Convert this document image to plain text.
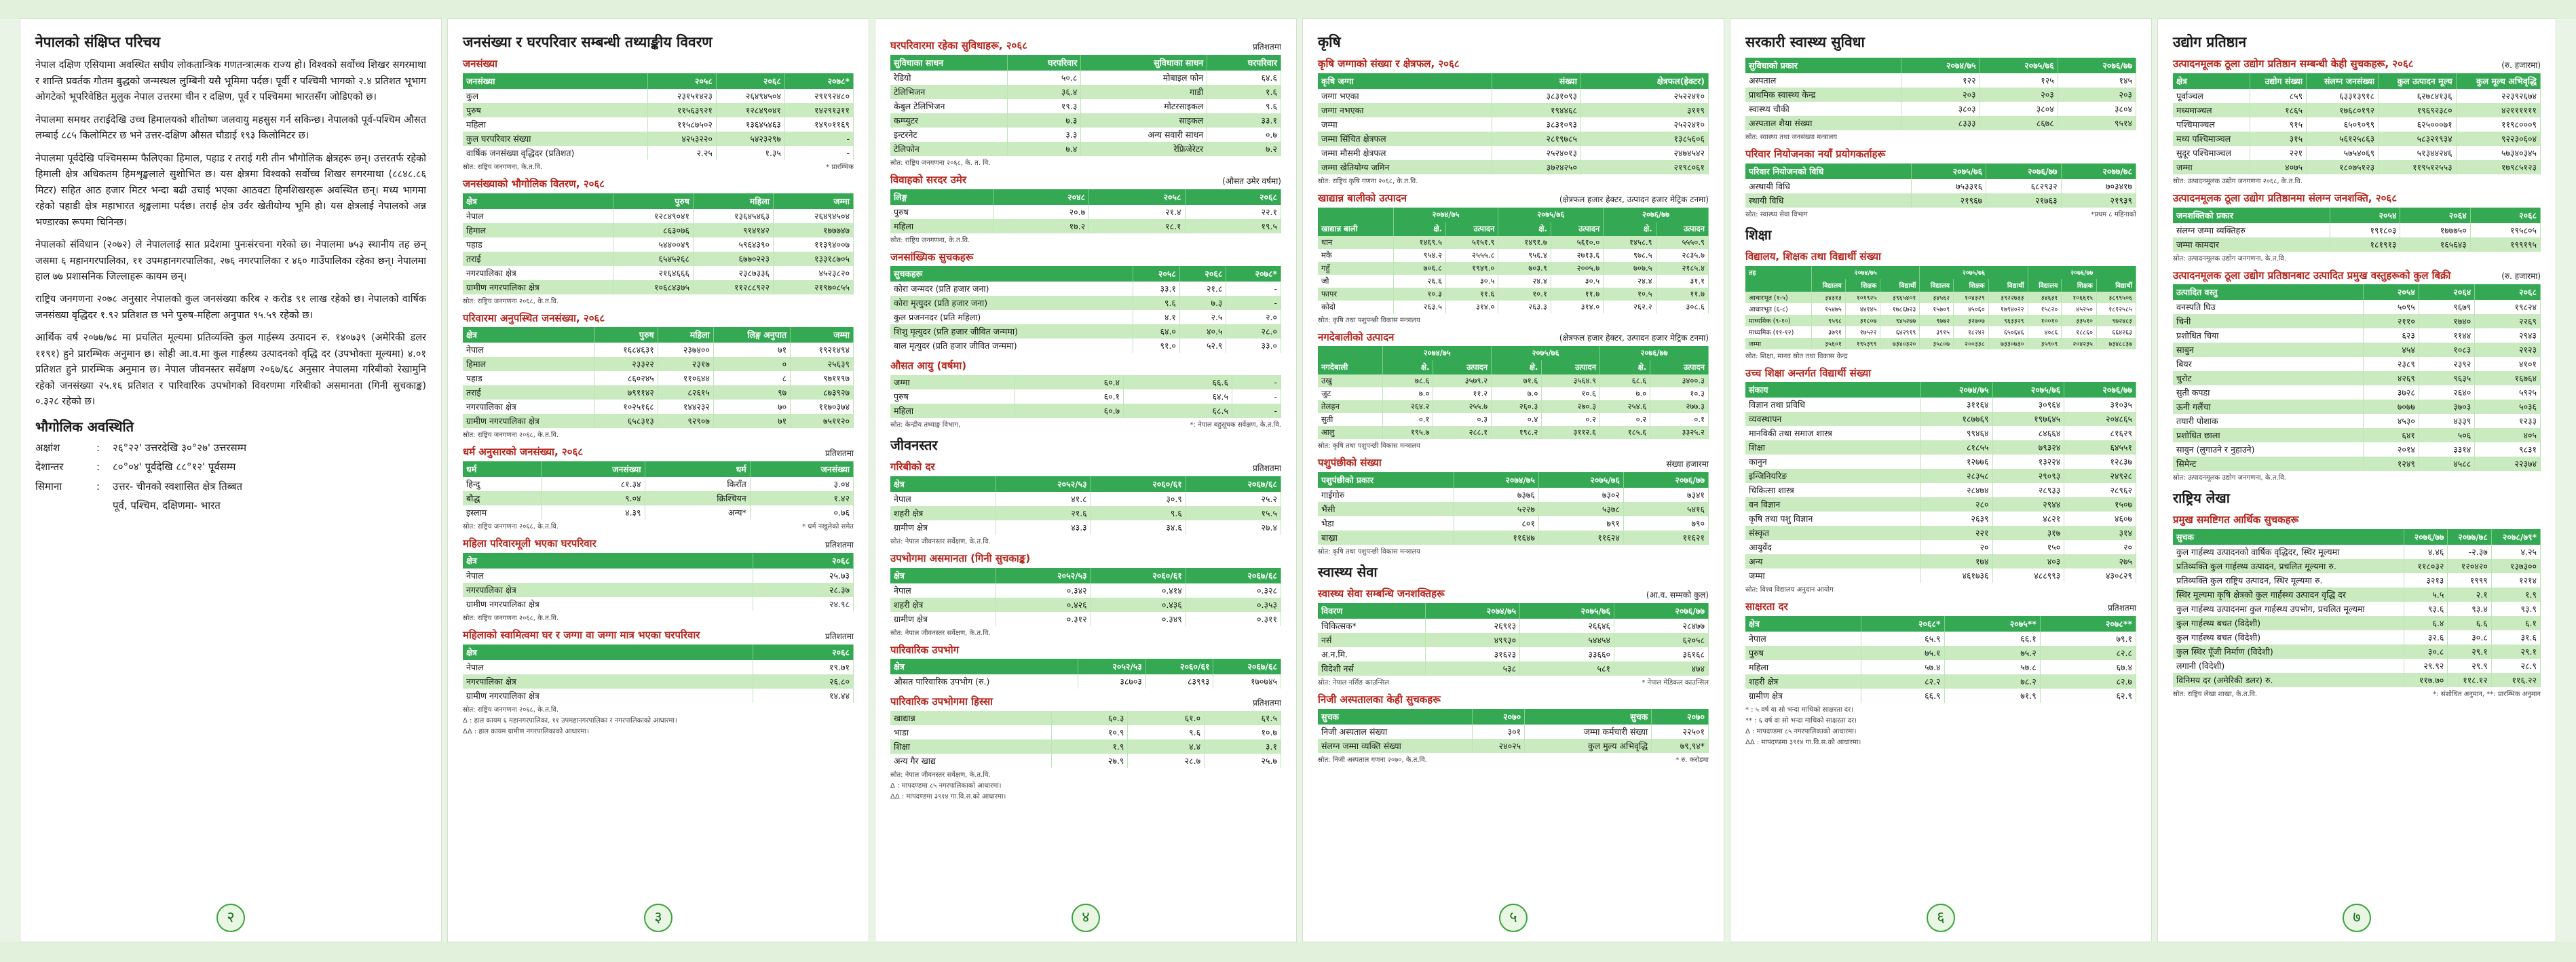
नेपालको संक्षिप्त परिचय

नेपाल दक्षिण एसियामा अवस्थित सघीय लोकतान्त्रिक गणतन्त्रात्मक राज्य हो। विश्वको सर्वोच्च शिखर सगरमाथा र शान्ति प्रवर्तक गौतम बुद्धको जन्मस्थल लुम्बिनी यसै भूमिमा पर्दछ। पूर्वी र पश्चिमी भागको २.४ प्रतिशत भूभाग ओगटेको भूपरिवेष्ठित मुलुक नेपाल उत्तरमा चीन र दक्षिण, पूर्व र पश्चिममा भारतसँग जोडिएको छ।

नेपालमा समथर तराईदेखि उच्च हिमालयको शीतोष्ण जलवायु महसुस गर्न सकिन्छ। नेपालको पूर्व-पश्चिम औसत लम्बाई ८८५ किलोमिटर छ भने उत्तर-दक्षिण औसत चौडाई १९३ किलोमिटर छ।

नेपालमा पूर्वदेखि पश्चिमसम्म फैलिएका हिमाल, पहाड र तराई गरी तीन भौगोलिक क्षेत्रहरू छन्। उत्तरतर्फ रहेको हिमाली क्षेत्र अधिकतम हिमशृङ्खलाले सुशोभित छ। यस क्षेत्रमा विश्वको सर्वोच्च शिखर सगरमाथा (८८४८.८६ मिटर) सहित आठ हजार मिटर भन्दा बढी उचाई भएका आठवटा हिमशिखरहरू अवस्थित छन्। मध्य भागमा रहेको पहाडी क्षेत्र महाभारत श्रृङ्खलामा पर्दछ। तराई क्षेत्र उर्वर खेतीयोग्य भूमि हो। यस क्षेत्रलाई नेपालको अन्न भण्डारका रूपमा चिनिन्छ।

नेपालको संविधान (२०७२) ले नेपाललाई सात प्रदेशमा पुनःसंरचना गरेको छ। नेपालमा ७५३ स्थानीय तह छन् जसमा ६ महानगरपालिका, ११ उपमहानगरपालिका, २७६ नगरपालिका र ४६० गाउँपालिका रहेका छन्। नेपालमा हाल ७७ प्रशासनिक जिल्लाहरू कायम छन्।

राष्ट्रिय जनगणना २०७८ अनुसार नेपालको कुल जनसंख्या करिब २ करोड ९१ लाख रहेको छ। नेपालको वार्षिक जनसंख्या वृद्धिदर १.९२ प्रतिशत छ भने पुरुष-महिला अनुपात ९५.५९ रहेको छ।

आर्थिक वर्ष २०७७/७८ मा प्रचलित मूल्यमा प्रतिव्यक्ति कुल गार्हस्थ्य उत्पादन रु. १४०७३९ (अमेरिकी डलर ११९१) हुने प्रारम्भिक अनुमान छ। सोही आ.व.मा कुल गार्हस्थ्य उत्पादनको वृद्धि दर (उपभोक्ता मूल्यमा) ४.०१ प्रतिशत हुने प्रारम्भिक अनुमान छ। नेपाल जीवनस्तर सर्वेक्षण २०६७/६८ अनुसार नेपालमा गरिबीको रेखामुनि रहेको जनसंख्या २५.१६ प्रतिशत र पारिवारिक उपभोगको विवरणमा गरिबीको असमानता (गिनी सुचकाङ्क) ०.३२८ रहेको छ।

भौगोलिक अवस्थिति
अक्षांश	:	२६°२२' उत्तरदेखि ३०°२७' उत्तरसम्म
देशान्तर	:	८०°०४' पूर्वदेखि ८८°१२' पूर्वसम्म
सिमाना	:	उत्तर- चीनको स्वशासित क्षेत्र तिब्बत
पूर्व, पश्चिम, दक्षिणमा- भारत
२
जनसंख्या र घरपरिवार सम्बन्धी तथ्याङ्कीय विवरण
जनसंख्या
जनसंख्या	२०५८	२०६८	२०७८*
कुल	२३१५१४२३	२६४९४५०४	२९१९२४८०
पुरुष	११५६३९२१	१२८४९०४१	१४२९१३११
महिला	११५८७५०२	१३६४५४६३	१४९०११६९
कुल घरपरिवार संख्या	४२५३२२०	५४२३२९७	-
वार्षिक जनसंख्या वृद्धिदर (प्रतिशत)	२.२५	१.३५	-
स्रोत: राष्ट्रिय जनगणना, के.त.वि.	* प्रारम्भिक
जनसंख्याको भौगोलिक वितरण, २०६८
क्षेत्र	पुरुष	महिला	जम्मा
नेपाल	१२८४९०४१	१३६४५४६३	२६४९४५०४
हिमाल	८६३०७६	९१४१४२	१७७७४७
पहाड	५४४००४९	५९६४३९०	११३९४००७
तराई	६५४५२६८	६७७०२२३	१३३१८७०५
नगरपालिका क्षेत्र	२१६४६६६	२३८७३३६	४५२३८२०
ग्रामीण नगरपालिका क्षेत्र	१०६८४३७५	११२८८९२२	२१९७०८५५
स्रोत: राष्ट्रिय जनगणना २०६८, के.त.वि.
परिवारमा अनुपस्थित जनसंख्या, २०६८
क्षेत्र	पुरुष	महिला	लिङ्ग अनुपात	जम्मा
नेपाल	१६८४६३१	२३७४००	७१	१९२१४९४
हिमाल	२३३२२	२३१७	०	२५६३९
पहाड	८६०२४५	११०६४४	८	९७११९७
तराई	७९११४२	८२६१५	९७	८७३९२७
नगरपालिका क्षेत्र	१०२५१६८	१४४२३२	७०	११७०३७४
ग्रामीण नगरपालिका क्षेत्र	६५८३१३	९२९०७	७१	७५११२०
स्रोत: राष्ट्रिय जनगणना २०६८, के.त.वि.
धर्म अनुसारको जनसंख्या, २०६८	प्रतिशतमा
धर्म	जनसंख्या	धर्म	जनसंख्या
हिन्दु	८१.३४	किराँत	३.०४
बौद्ध	९.०४	क्रिश्चियन	१.४२
इस्लाम	४.३९	अन्य*	०.७६
स्रोत: राष्ट्रिय जनगणना २०६८, के.त.वि.	* धर्म नखुलेको समेत
महिला परिवारमूली भएका घरपरिवार	प्रतिशतमा
क्षेत्र	२०६८
नेपाल	२५.७३
नगरपालिका क्षेत्र	२८.३७
ग्रामीण नगरपालिका क्षेत्र	२४.९८
स्रोत: राष्ट्रिय जनगणना २०६८, के.त.वि.
महिलाको स्वामित्वमा घर र जग्गा वा जग्गा मात्र भएका घरपरिवार	प्रतिशतमा
क्षेत्र	२०६८
नेपाल	१९.७१
नगरपालिका क्षेत्र	२६.८०
ग्रामीण नगरपालिका क्षेत्र	१४.४४
स्रोत: राष्ट्रिय जनगणना २०६८, के.त.वि.
Δ : हाल कायम ६ महानगरपालिका, ११ उपमहानगरपालिका र नगरपालिकाको आधारमा।
ΔΔ : हाल कायम ग्रामीण नगरपालिकाको आधारमा।
३
घरपरिवारमा रहेका सुविधाहरू, २०६८	प्रतिशतमा
सुविधाका साधन	घरपरिवार	सुविधाका साधन	घरपरिवार
रेडियो	५०.८	मोबाइल फोन	६४.६
टेलिभिजन	३६.४	गाडी	१.६
केबुल टेलिभिजन	१९.३	मोटरसाइकल	९.६
कम्प्युटर	७.३	साइकल	३३.१
इन्टरनेट	३.३	अन्य सवारी साधन	०.७
टेलिफोन	७.४	रेफ्रिजेरेटर	७.२
स्रोत: राष्ट्रिय जनगणना २०६८, के. त. वि.
विवाहको सरदर उमेर	(औसत उमेर वर्षमा)
लिङ्ग	२०४८	२०५८	२०६८
पुरुष	२०.७	२१.४	२२.१
महिला	१७.२	१८.१	१९.५
स्रोत: राष्ट्रिय जनगणना, के.त.वि.
जनसांख्यिक सुचकहरू
सुचकहरू	२०५८	२०६८	२०७८*
कोरा जन्मदर (प्रति हजार जना)	३३.१	२१.८	-
कोरा मृत्युदर (प्रति हजार जना)	९.६	७.३	-
कुल प्रजननदर (प्रति महिला)	४.१	२.५	२.०
शिशु मृत्युदर (प्रति हजार जीवित जन्ममा)	६४.०	४०.५	२८.०
बाल मृत्युदर (प्रति हजार जीवित जन्ममा)	९१.०	५२.९	३३.०
औसत आयु (वर्षमा)
जम्मा	६०.४	६६.६	-
पुरुष	६०.१	६४.५	-
महिला	६०.७	६८.५	-
स्रोत: केन्द्रीय तथ्याङ्क विभाग,	*: नेपाल बहुसूचक सर्वेक्षण, के.त.वि.
जीवनस्तर
गरिबीको दर	प्रतिशतमा
क्षेत्र	२०५२/५३	२०६०/६१	२०६७/६८
नेपाल	४१.८	३०.९	२५.२
शहरी क्षेत्र	२१.६	९.६	१५.५
ग्रामीण क्षेत्र	४३.३	३४.६	२७.४
स्रोत: नेपाल जीवनस्तर सर्वेक्षण, के.त.वि.
उपभोगमा असमानता (गिनी सुचकाङ्क)
क्षेत्र	२०५२/५३	२०६०/६१	२०६७/६८
नेपाल	०.३४२	०.४१४	०.३२८
शहरी क्षेत्र	०.४२६	०.४३६	०.३५३
ग्रामीण क्षेत्र	०.३१२	०.३४९	०.३११
स्रोत: नेपाल जीवनस्तर सर्वेक्षण, के.त.वि.
पारिवारिक उपभोग
क्षेत्र	२०५२/५३	२०६०/६१	२०६७/६८
औसत पारिवारिक उपभोग (रु.)	३८७०३	८३९९३	१७०७४५
पारिवारिक उपभोगमा हिस्सा	प्रतिशतमा
खाद्यान्न	६०.३	६१.०	६१.५
भाडा	१०.९	९.६	१०.७
शिक्षा	१.९	४.४	३.१
अन्य गैर खाद्य	२७.९	२८.७	२५.७
स्रोत: नेपाल जीवनस्तर सर्वेक्षण, के.त.वि.
Δ : मापदण्डमा ८५ नगरपालिकाको आधारमा।
ΔΔ : मापदण्डमा ३९१४ गा.वि.स.को आधारमा।
४
कृषि
कृषि जग्गाको संख्या र क्षेत्रफल, २०६८
कृषि जग्गा	संख्या	क्षेत्रफल(हेक्टर)
जग्गा भएका	३८३१०९३	२५२२४१०
जग्गा नभएका	१९४४६८	३११९
जम्मा	३८३१०९३	२५२२४१०
जम्मा सिंचित क्षेत्रफल	२८१९७८५	१३८५६०६
जम्मा मौसमी क्षेत्रफल	२५२४०१३	२४७४५४२
जम्मा खेतियोग्य जमिन	३७२४२५०	२१९८०६१
स्रोत: राष्ट्रिय कृषि गणना २०६८, के.त.वि.
खाद्यान्न बालीको उत्पादन	(क्षेत्रफल हजार हेक्टर, उत्पादन हजार मेट्रिक टनमा)
	२०७४/७५		२०७५/७६		२०७६/७७	
खाद्यान्न बाली	क्षे.	उत्पादन	क्षे.	उत्पादन	क्षे.	उत्पादन
धान	१४६९.५	५१५१.९	१४९१.७	५६१०.०	१४५८.९	५५५०.९
मकै	९५४.२	२५५५.८	९५६.४	२७१३.६	९७८.५	२८३५.७
गहुँ	७०६.८	१९४९.०	७०३.९	२००५.७	७०७.५	२१८५.४
जौ	२६.६	३०.५	२४.४	३०.५	२४.४	३१.१
फापर	१०.३	११.६	१०.१	११.७	१०.५	११.७
कोदो	२६३.५	३१४.०	२६३.३	३१४.०	२६२.२	३०८.६
स्रोत: कृषि तथा पशुपन्छी विकास मन्त्रालय
नगदेबालीको उत्पादन	(क्षेत्रफल हजार हेक्टर, उत्पादन हजार मेट्रिक टनमा)
	२०७४/७५		२०७५/७६		२०७६/७७	
नगदेबाली	क्षे.	उत्पादन	क्षे.	उत्पादन	क्षे.	उत्पादन
उखु	७८.६	३५७९.२	७१.६	३५६४.९	६८.६	३४००.३
जुट	७.०	११.२	७.०	१०.६	७.०	१०.३
तेलहन	२६४.२	२५५.७	२६०.३	२७०.३	२५४.६	२७७.३
सुती	०.१	०.३	०.४	०.२	०.२	०.१
आलु	१९५.७	२८८.१	१९८.२	३११२.६	१८५.६	३३२५.२
स्रोत: कृषि तथा पशुपन्छी विकास मन्त्रालय
पशुपंछीको संख्या	संख्या हजारमा
पशुपंछीको प्रकार	२०७४/७५	२०७५/७६	२०७६/७७
गाईगोरु	७३७६	७३०२	७३४१
भैंसी	५२२७	५३७८	५४१६
भेडा	८०१	७९१	७९०
बाख्रा	११६४७	११६२४	११६२१
स्रोत: कृषि तथा पशुपन्छी विकास मन्त्रालय
स्वास्थ्य सेवा
स्वास्थ्य सेवा सम्बन्धि जनशक्तिहरू	(आ.व. सम्मको कुल)
विवरण	२०७४/७५	२०७५/७६	२०७६/७७
चिकित्सक*	२६९१३	२६६४६	२८४७७
नर्स	४९९३०	५४४५४	६२०५८
अ.न.मि.	३१६२३	३३६६०	३६१६८
विदेशी नर्स	५३८	५८१	४७४
स्रोत: नेपाल नर्सिङ काउन्सिल	* नेपाल मेडिकल काउन्सिल
निजी अस्पतालका केही सुचकहरू
सुचक	२०७०	सुचक	२०७०
निजी अस्पताल संख्या	३०१	जम्मा कर्मचारी संख्या	२२५०१
संलग्न जम्मा व्यक्ति संख्या	२४०२५	कुल मुल्य अभिवृद्धि	७९,९४*
स्रोत: निजी अस्पताल गणना २०७०, के.त.वि.	* रु. करोडमा
५
सरकारी स्वास्थ्य सुविधा
सुविधाको प्रकार	२०७४/७५	२०७५/७६	२०७६/७७
अस्पताल	१२२	१२५	१४५
प्राथमिक स्वास्थ्य केन्द्र	२०३	२०३	२०३
स्वास्थ्य चौकी	३८०३	३८०४	३८०४
अस्पताल शैया संख्या	८३३३	८६७८	९५१४
स्रोत: स्वास्थ्य तथा जनसंख्या मन्त्रालय
परिवार नियोजनका नयाँ प्रयोगकर्ताहरू
परिवार नियोजनको विधि	२०७५/७६	२०७६/७७	२०७७/७८
अस्थायी विधि	७५३३१६	६८२९३२	७०३४१७
स्थायी विधि	२१९६७	२१७६३	२१९३९
स्रोत: स्वास्थ्य सेवा विभाग	*प्रथम ८ महिनाको
शिक्षा
विद्यालय, शिक्षक तथा विद्यार्थी संख्या
तह	२०७४/७५			२०७५/७६			२०७६/७७		
	विद्यालय	शिक्षक	विद्यार्थी	विद्यालय	शिक्षक	विद्यार्थी	विद्यालय	शिक्षक	विद्यार्थी
आधारभूत (१-५)	३४३१३	१०१९२५	३९६५४०१	३४५६२	१०४३२९	३९२२७३३	३४६३१	१०६६१५	३८९९५०६
आधारभूत (६-८)	१५४७५	४४१४५	१७८६७२३	१५७०९	४५०६०	१७९४०२२	१५८२०	४५२५०	१८१२५८५
माध्यमिक (९-१०)	९५९८	३१८०७	९४५२७७	९७७२	३२७०७	९६३३२९	१००१०	३३५१०	९७२४८३
माध्यमिक (११-१२)	३७९१	१७५२२	६४२९१९	३९१५	१८२४२	६५०६४६	४०८६	१८८६०	६६४२६३
जम्मा	३५६०१	१९५३९९	७३४०३२०	३५८०७	२००३३८	७३३०७३०	३५९०९	२०४२३५	७३४८८३७
स्रोत: शिक्षा, मानव स्रोत तथा विकास केन्द्र
उच्च शिक्षा अन्तर्गत विद्यार्थी संख्या
संकाय	२०७४/७५	२०७५/७६	२०७६/७७
विज्ञान तथा प्रविधि	३११६४	३०९६४	३१०३५
व्यवस्थापन	१८७७६९	१९७६४५	२०४८६५
मानविकी तथा समाज शास्त्र	९९४६४	८४६६४	८१६२९
शिक्षा	८१८५५	७९३२४	६४५५१
कानुन	१२७७६	१३२२४	१२८३७
इन्जिनियरिङ	२८३५८	२९०९३	२४९२८
चिकित्सा शास्त्र	२८४७४	२८९३३	२८९६२
वन विज्ञान	२८०	२९४४	१५०७
कृषि तथा पशु विज्ञान	२६३९	४८२१	४६०७
संस्कृत	२२१	३१७	३१४
आयुर्वेद	२०	१५०	२०
अन्य	१७४	४०३	२७५
जम्मा	४६१७३६	४८८९९३	४३०८२९
स्रोत: विश्व विद्यालय अनुदान आयोग
साक्षरता दर	प्रतिशतमा
क्षेत्र	२०६८*	२०७५**	२०७८**
नेपाल	६५.९	६६.१	७९.१
पुरुष	७५.१	७५.२	८२.८
महिला	५७.४	५७.८	६७.४
शहरी क्षेत्र	८२.२	७८.२	८२.७
ग्रामीण क्षेत्र	६६.९	७१.९	६२.९
* : ५ वर्ष वा सो भन्दा माथिको साक्षरता दर।
** : ६ वर्ष वा सो भन्दा माथिको साक्षरता दर।
Δ : मापदण्डमा ८५ नगरपालिकाको आधारमा।
ΔΔ : मापदण्डमा ३९१४ गा.वि.स.को आधारमा।
६
उद्योग प्रतिष्ठान
उत्पादनमूलक ठूला उद्योग प्रतिष्ठान सम्बन्धी केही सुचकहरू, २०६८	(रु. हजारमा)
क्षेत्र	उद्योग संख्या	संलग्न जनसंख्या	कुल उत्पादन मूल्य	कुल मूल्य अभिवृद्धि
पूर्वाञ्चल	८५९	६३३१३९१८	६२७८४१३६	२२३९२६७४
मध्यमाञ्चल	१८६५	१७६८०१९२	१९६९२३८०	४२११११११
पश्चिमाञ्चल	९१५	६५०९०९९	६२५०००७१	११९८०००९
मध्य पश्चिमाञ्चल	३१५	५६१२५८६३	५८३२१९३४	९२२३०६०४
सुदूर पश्चिमाञ्चल	२२१	५७५४०६९	५१३४४२४६	५७३४०३४५
जम्मा	४०७५	१८०७५१२३	११९५१२५५३	१७९८५१२३
स्रोत: उत्पादनमूलक उद्योग जनगणना २०६८, के.त.वि.
उत्पादनमूलक ठूला उद्योग प्रतिष्ठानमा संलग्न जनशक्ति, २०६८
जनशक्तिको प्रकार	२०५४	२०६४	२०६८
संलग्न जम्मा व्यक्तिहरु	१९१८०३	१७७७५०	१९५८०५
जम्मा कामदार	१८१९१३	१६५६४३	१९९१९५
स्रोत: उत्पादनमूलक उद्योग जनगणना, के.त.वि.
उत्पादनमूलक ठूला उद्योग प्रतिष्ठानबाट उत्पादित प्रमुख वस्तुहरूको कुल बिक्री	(रु. हजारमा)
उत्पादित वस्तु	२०५४	२०६४	२०६८
वनस्पति घिउ	५०९५	९६७९	१९८२४
चिनी	२११०	१७४०	२२६९
प्रशोधित चिया	६२३	११४४	२९४३
साबुन	४५४	१०८३	२१२३
बियर	२३८९	२३९२	४१०१
चुरोट	४२६९	९६३५	१६७६४
सुती कपडा	३७२८	२६४०	५९२५
ऊनी गलैंचा	७०७७	३७०३	५०३६
तयारी पोशाक	४५३०	४३३९	१२३३
प्रशोधित छाला	६४१	५०६	४०५
सावुन (लुगाउने र नुहाउने)	२०१४	३३१४	९८३१
सिमेन्ट	१२४९	४५८८	२२३७४
स्रोत: उत्पादनमूलक उद्योग जनगणना, के.त.वि.
राष्ट्रिय लेखा
प्रमुख समष्टिगत आर्थिक सुचकहरू
सुचक	२०७६/७७	२०७७/७८	२०७८/७९*
कुल गार्हस्थ्य उत्पादनको वार्षिक वृद्धिदर, स्थिर मूल्यमा	४.४६	-२.३७	४.२५
प्रतिव्यक्ति कुल गार्हस्थ्य उत्पादन, प्रचलित मूल्यमा रु.	११८०३२	१२०४२०	१३७३००
प्रतिव्यक्ति कुल राष्ट्रिय उत्पादन, स्थिर मूल्यमा रु.	३२१३	१९९९	१२१४
स्थिर मूल्यमा कृषि क्षेत्रको कुल गार्हस्थ्य उत्पादन वृद्धि दर	५.५	२.१	१.९
कुल गार्हस्थ्य उत्पादनमा कुल गार्हस्थ्य उपभोग, प्रचलित मूल्यमा	९३.६	९३.४	९३.९
कुल गार्हस्थ्य बचत (विदेशी)	६.४	६.६	६.१
कुल गार्हस्थ्य बचत (विदेशी)	३२.६	३०.८	३१.६
कुल स्थिर पूँजी निर्माण (विदेशी)	३०.८	२९.१	२९.१
लगानी (विदेशी)	२९.९२	२९.९	२८.९
विनिमय दर (अमेरिकी डलर) रु.	११७.७०	११८.१२	११६.२२
स्रोत: राष्ट्रिय लेखा शाखा, के.त.वि.	*: संशोधित अनुमान, **: प्रारम्भिक अनुमान
७
